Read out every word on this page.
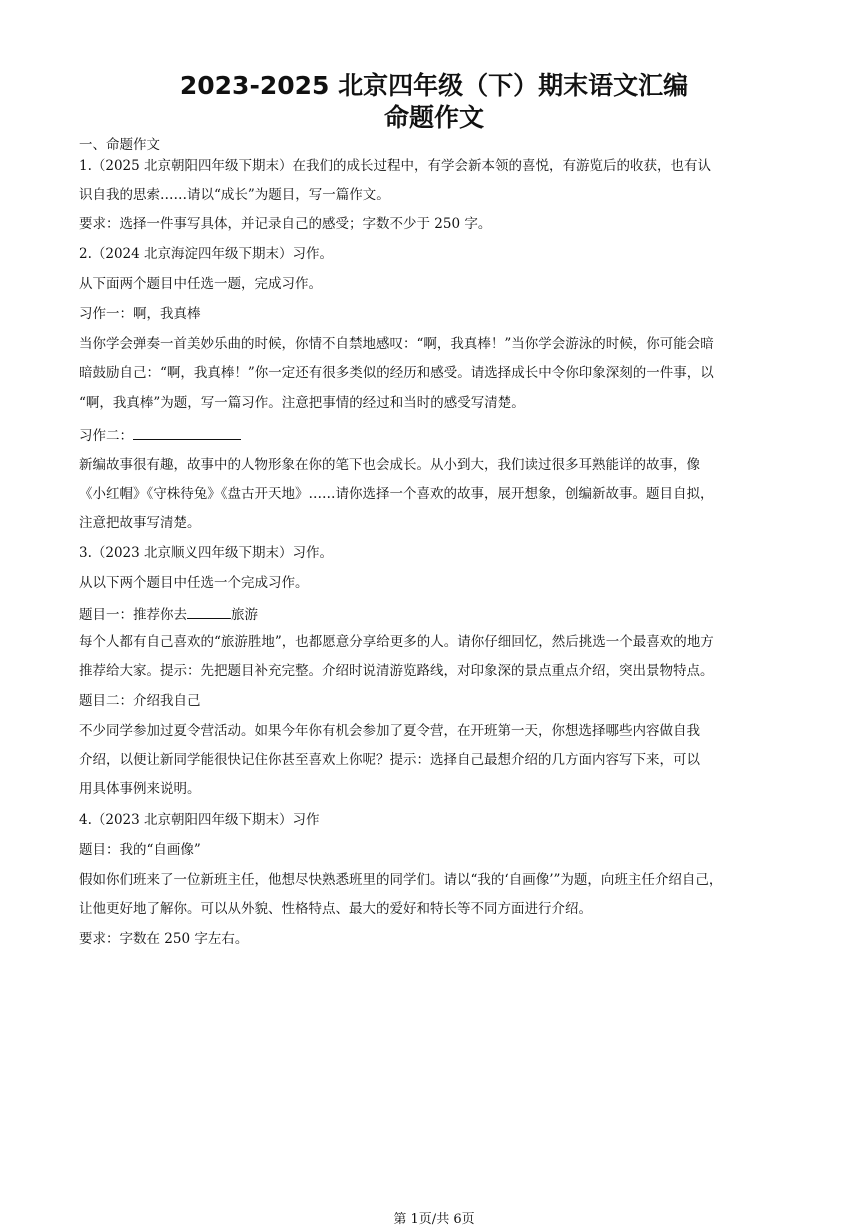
2023-2025 北京四年级（下）期末语文汇编
命题作文
一、命题作文
1.（2025 北京朝阳四年级下期末）在我们的成长过程中，有学会新本领的喜悦，有游览后的收获，也有认
识自我的思索……请以“成长”为题目，写一篇作文。
要求：选择一件事写具体，并记录自己的感受；字数不少于 250 字。
2.（2024 北京海淀四年级下期末）习作。
从下面两个题目中任选一题，完成习作。
习作一：啊，我真棒
当你学会弹奏一首美妙乐曲的时候，你情不自禁地感叹：“啊，我真棒！”当你学会游泳的时候，你可能会暗
暗鼓励自己：“啊，我真棒！”你一定还有很多类似的经历和感受。请选择成长中令你印象深刻的一件事，以
“啊，我真棒”为题，写一篇习作。注意把事情的经过和当时的感受写清楚。
习作二：
新编故事很有趣，故事中的人物形象在你的笔下也会成长。从小到大，我们读过很多耳熟能详的故事，像
《小红帽》《守株待兔》《盘古开天地》……请你选择一个喜欢的故事，展开想象，创编新故事。题目自拟，
注意把故事写清楚。
3.（2023 北京顺义四年级下期末）习作。
从以下两个题目中任选一个完成习作。
题目一：推荐你去	旅游
每个人都有自己喜欢的“旅游胜地”，也都愿意分享给更多的人。请你仔细回忆，然后挑选一个最喜欢的地方
推荐给大家。提示：先把题目补充完整。介绍时说清游览路线，对印象深的景点重点介绍，突出景物特点。
题目二：介绍我自己
不少同学参加过夏令营活动。如果今年你有机会参加了夏令营，在开班第一天，你想选择哪些内容做自我
介绍，以便让新同学能很快记住你甚至喜欢上你呢？提示：选择自己最想介绍的几方面内容写下来，可以
用具体事例来说明。
4.（2023 北京朝阳四年级下期末）习作
题目：我的“自画像”
假如你们班来了一位新班主任，他想尽快熟悉班里的同学们。请以“我的‘自画像’”为题，向班主任介绍自己，
让他更好地了解你。可以从外貌、性格特点、最大的爱好和特长等不同方面进行介绍。
要求：字数在 250 字左右。
第 1页/共 6页
